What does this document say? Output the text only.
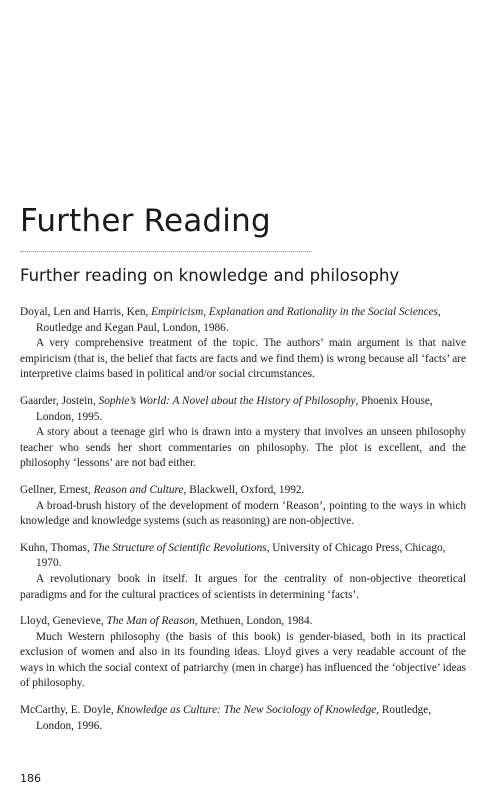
Further Reading
Further reading on knowledge and philosophy

Doyal, Len and Harris, Ken, Empiricism, Explanation and Rationality in the Social Sciences, Routledge and Kegan Paul, London, 1986.

A very comprehensive treatment of the topic. The authors’ main argument is that naive empiricism (that is, the belief that facts are facts and we find them) is wrong because all ‘facts’ are interpretive claims based in political and/or social circumstances.

Gaarder, Jostein, Sophie’s World: A Novel about the History of Philosophy, Phoenix House, London, 1995.

A story about a teenage girl who is drawn into a mystery that involves an unseen philosophy teacher who sends her short commentaries on philosophy. The plot is excellent, and the philosophy ‘lessons’ are not bad either.

Gellner, Ernest, Reason and Culture, Blackwell, Oxford, 1992.

A broad-brush history of the development of modern ‘Reason’, pointing to the ways in which knowledge and knowledge systems (such as reasoning) are non-objective.

Kuhn, Thomas, The Structure of Scientific Revolutions, University of Chicago Press, Chicago, 1970.

A revolutionary book in itself. It argues for the centrality of non-objective theoretical paradigms and for the cultural practices of scientists in determining ‘facts’.

Lloyd, Genevieve, The Man of Reason, Methuen, London, 1984.

Much Western philosophy (the basis of this book) is gender-biased, both in its practical exclusion of women and also in its founding ideas. Lloyd gives a very readable account of the ways in which the social context of patriarchy (men in charge) has influenced the ‘objective’ ideas of philosophy.

McCarthy, E. Doyle, Knowledge as Culture: The New Sociology of Knowledge, Routledge, London, 1996.

186
